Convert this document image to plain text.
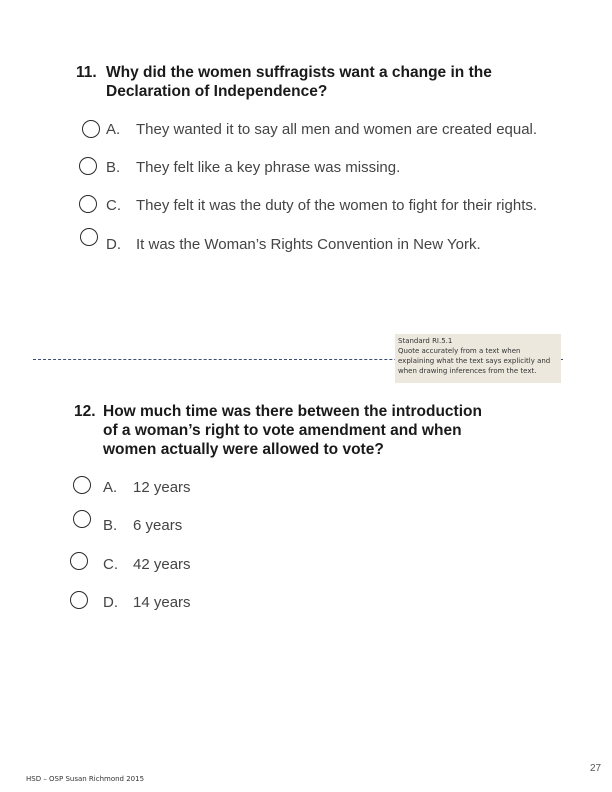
11. Why did the women suffragists want a change in the
Declaration of Independence?
A. They wanted it to say all men and women are created equal.
B. They felt like a key phrase was missing.
C. They felt it was the duty of the women to fight for their rights.
D. It was the Woman’s Rights Convention in New York.
Standard RI.5.1
Quote accurately from a text when
explaining what the text says explicitly and
when drawing inferences from the text.
12. How much time was there between the introduction
of a woman’s right to vote amendment and when
women actually were allowed to vote?
A. 12 years
B. 6 years
C. 42 years
D. 14 years
HSD – OSP Susan Richmond 2015
27
